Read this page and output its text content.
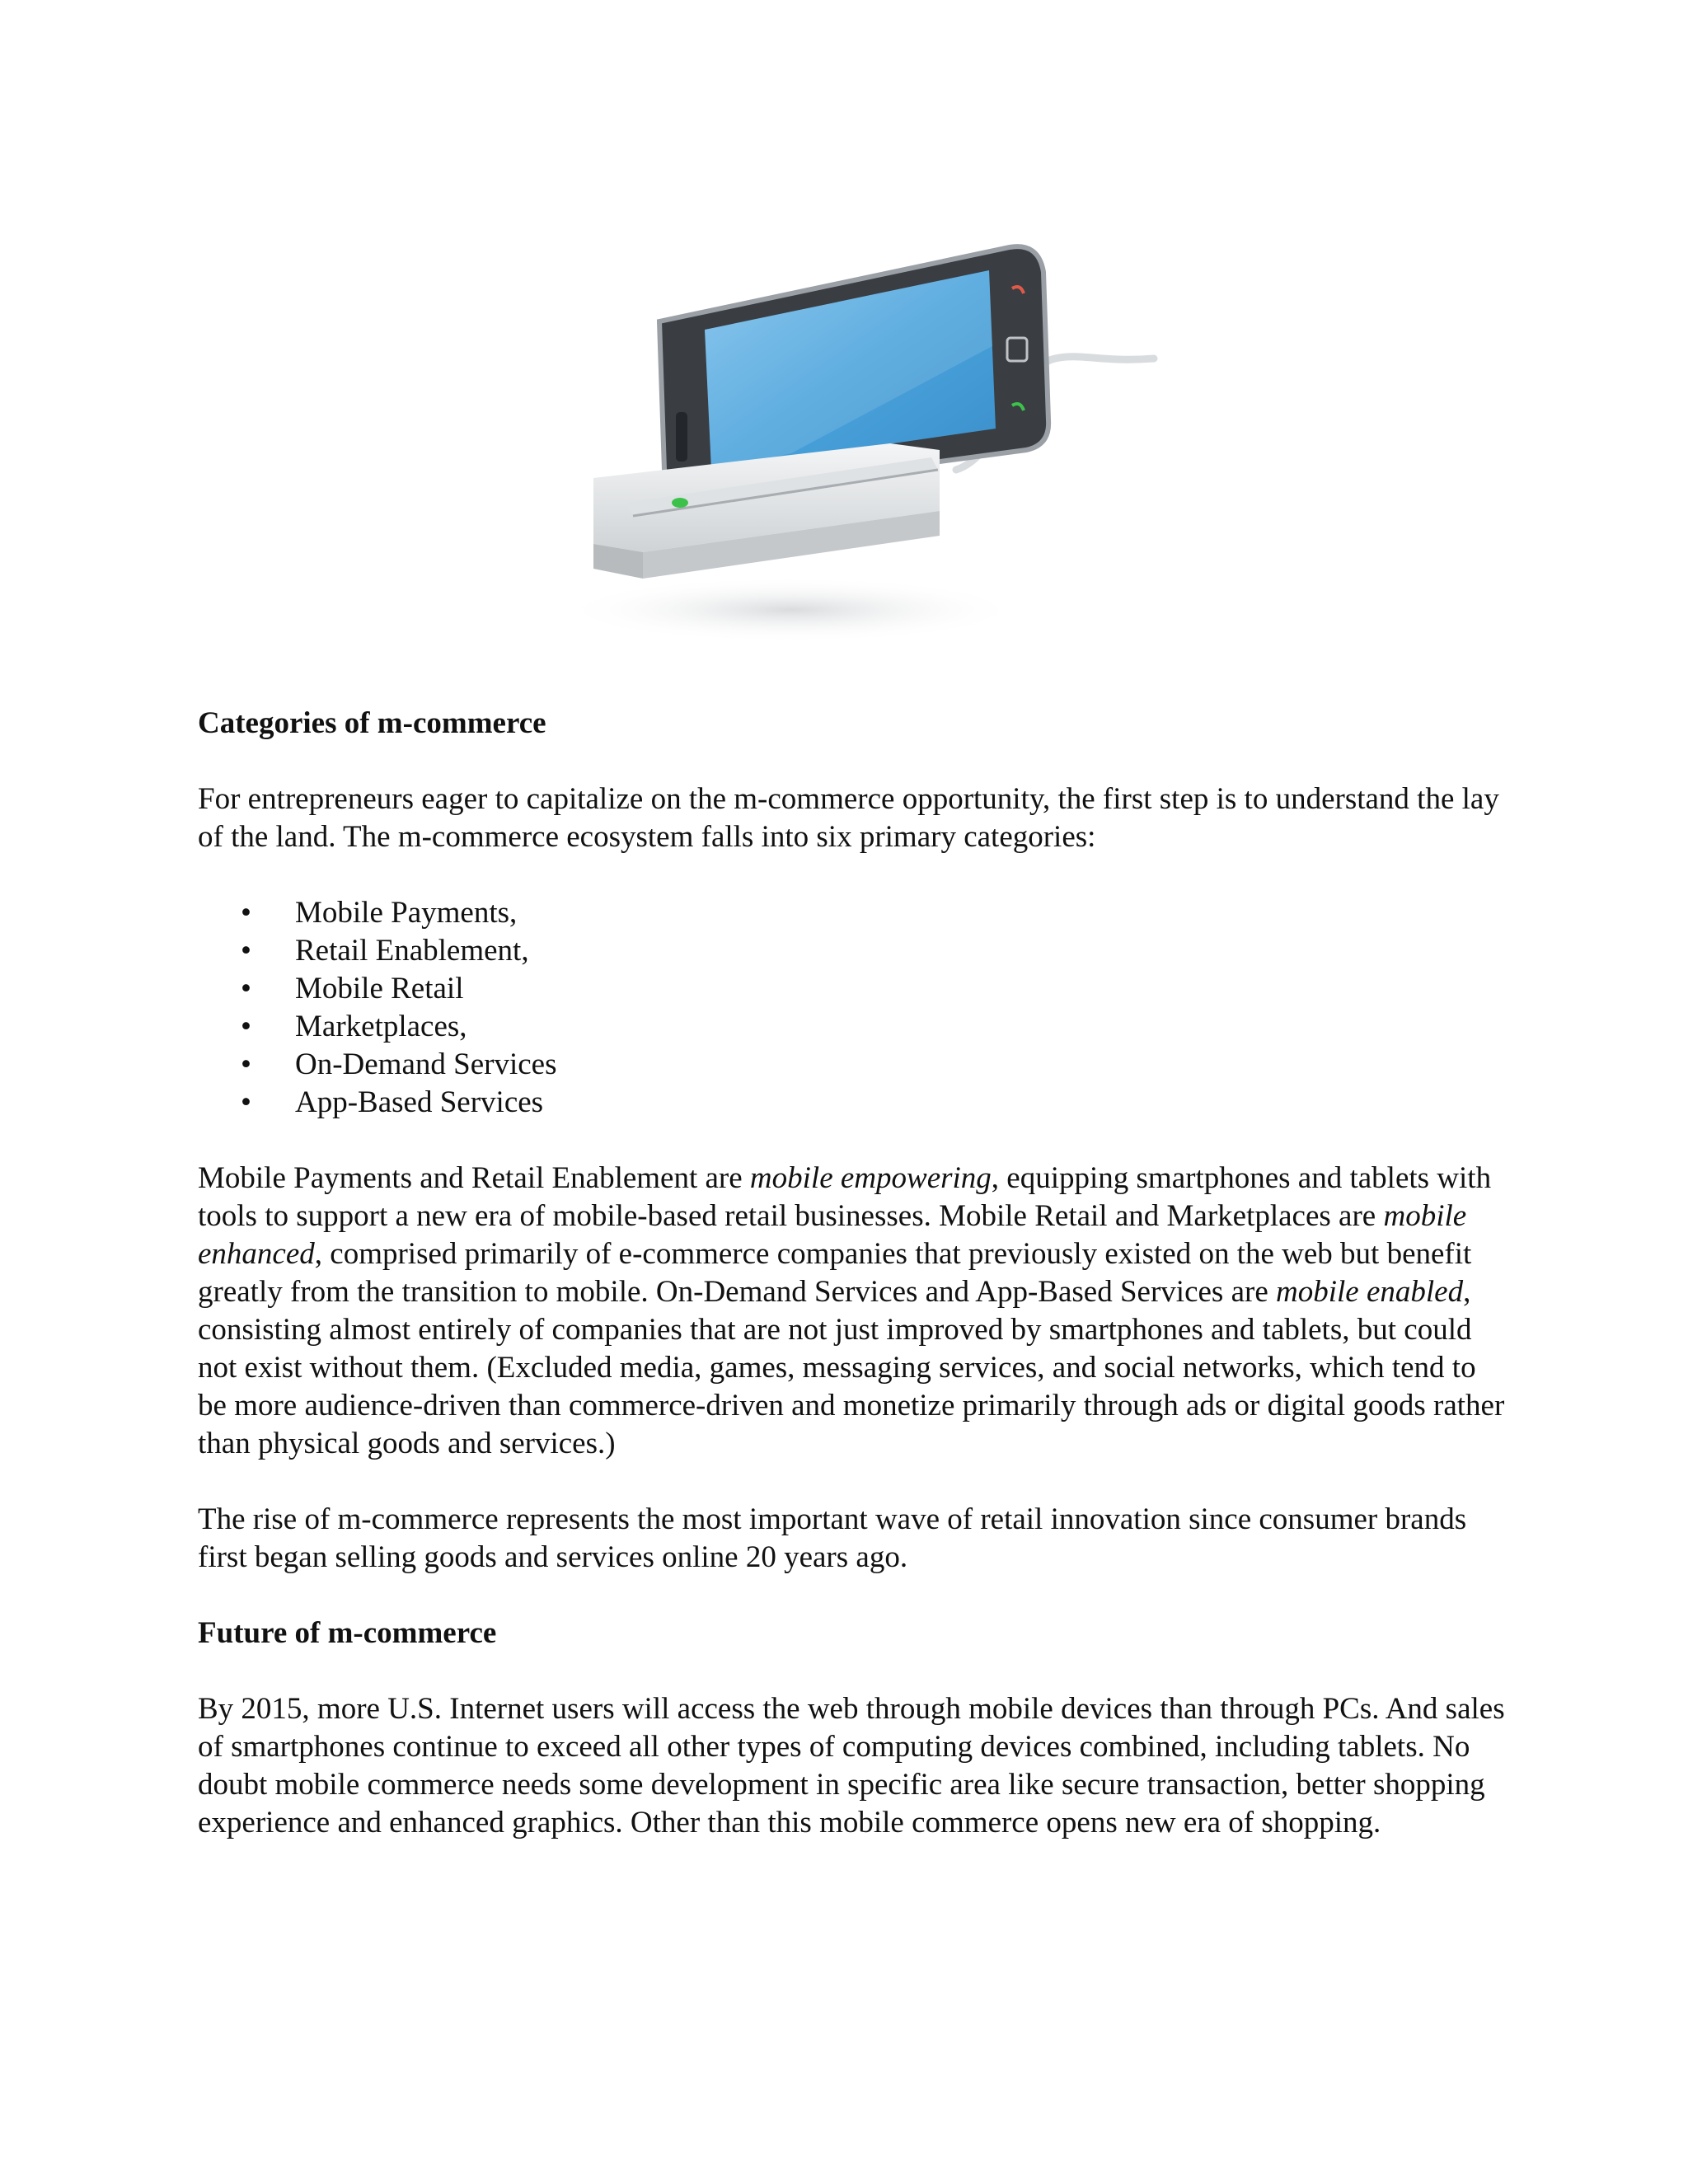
Categories of m-commerce

For entrepreneurs eager to capitalize on the m-commerce opportunity, the first step is to understand the lay of the land. The m-commerce ecosystem falls into six primary categories:

• Mobile Payments,
• Retail Enablement,
• Mobile Retail
• Marketplaces,
• On-Demand Services
• App-Based Services

Mobile Payments and Retail Enablement are mobile empowering, equipping smartphones and tablets with tools to support a new era of mobile-based retail businesses. Mobile Retail and Marketplaces are mobile enhanced, comprised primarily of e-commerce companies that previously existed on the web but benefit greatly from the transition to mobile. On-Demand Services and App-Based Services are mobile enabled, consisting almost entirely of companies that are not just improved by smartphones and tablets, but could not exist without them. (Excluded media, games, messaging services, and social networks, which tend to be more audience-driven than commerce-driven and monetize primarily through ads or digital goods rather than physical goods and services.)

The rise of m-commerce represents the most important wave of retail innovation since consumer brands first began selling goods and services online 20 years ago.

Future of m-commerce

By 2015, more U.S. Internet users will access the web through mobile devices than through PCs. And sales of smartphones continue to exceed all other types of computing devices combined, including tablets. No doubt mobile commerce needs some development in specific area like secure transaction, better shopping experience and enhanced graphics. Other than this mobile commerce opens new era of shopping.
